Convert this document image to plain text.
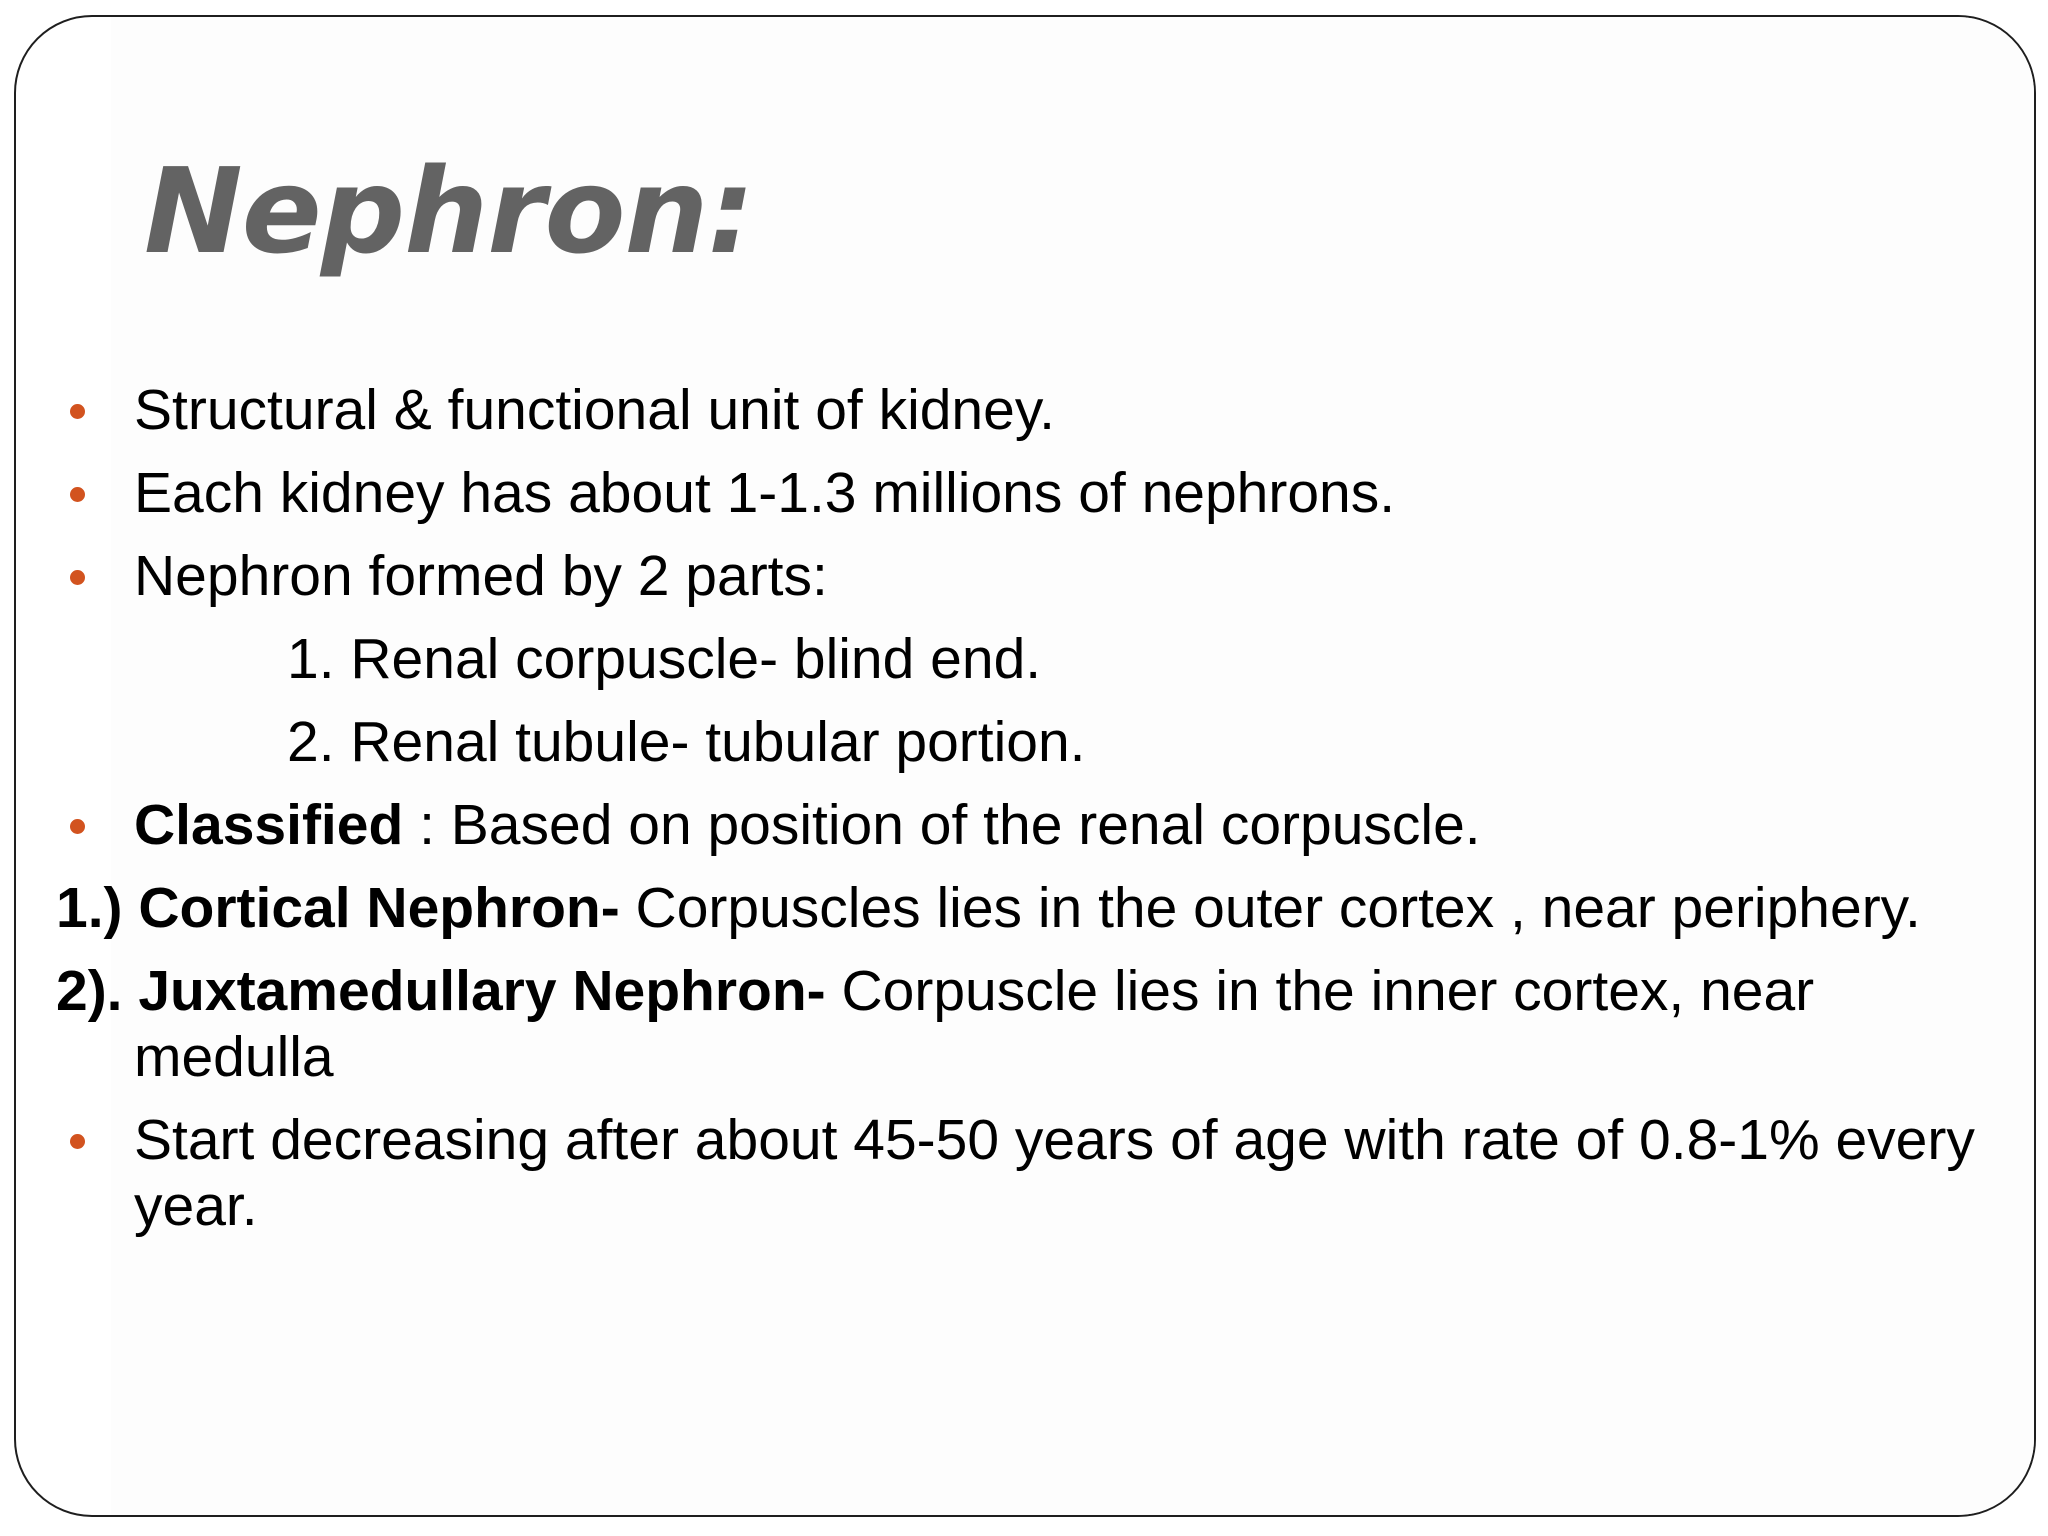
Nephron:
Structural & functional unit of kidney.
Each kidney has about 1-1.3 millions of nephrons.
Nephron formed by 2 parts:
1. Renal corpuscle- blind end.
2. Renal tubule- tubular portion.
Classified : Based on position of the renal corpuscle.
1.) Cortical Nephron- Corpuscles lies in the outer cortex , near periphery.
2). Juxtamedullary Nephron- Corpuscle lies in the inner cortex, near medulla
Start decreasing after about 45-50 years of age with rate of 0.8-1% every year.
